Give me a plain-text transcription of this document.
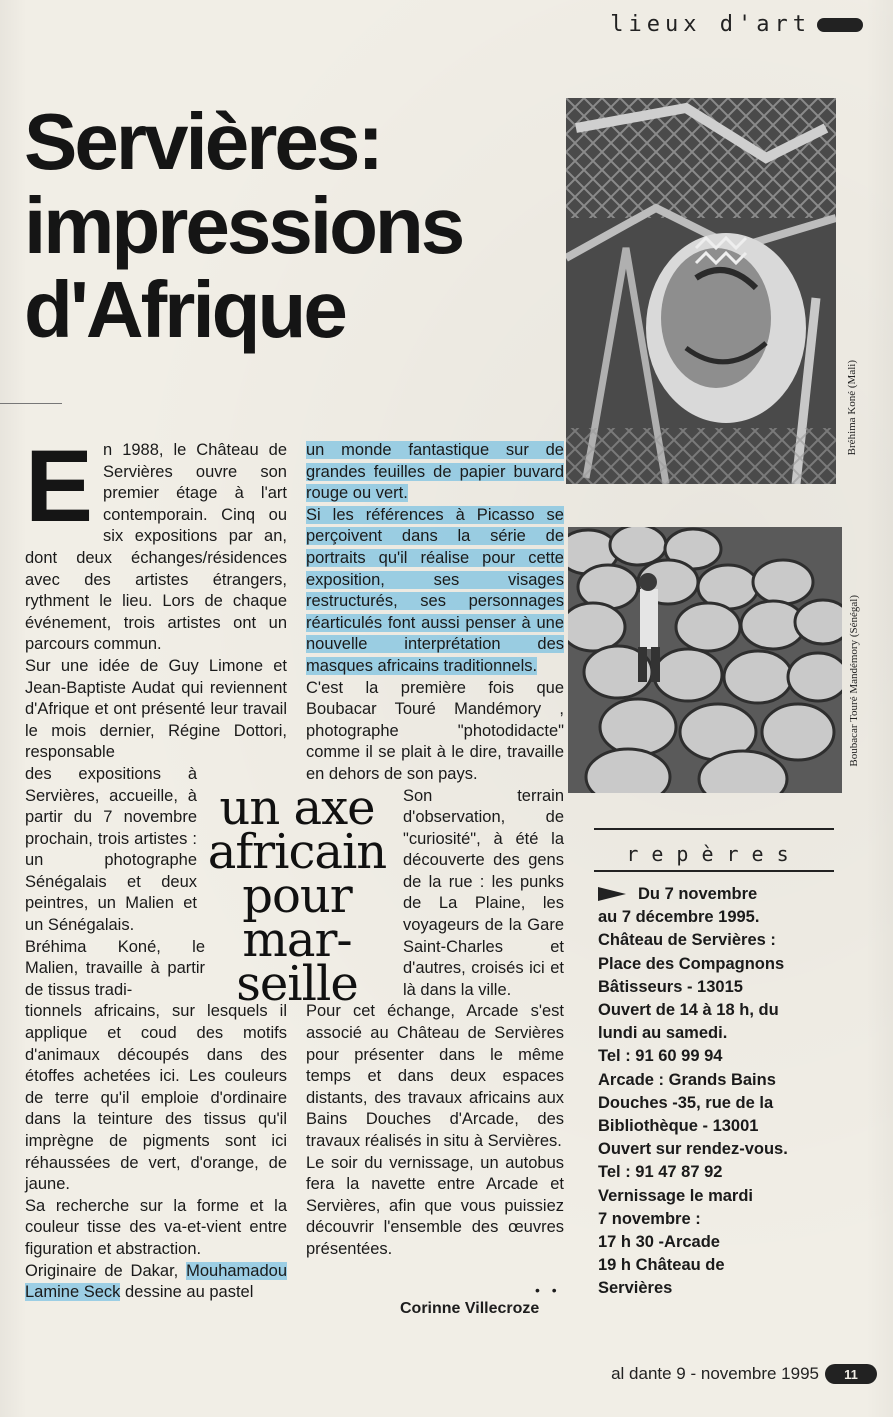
lieux d'art
Servières:
impressions
d'Afrique
Bréhima Koné (Mali)
Boubacar Touré Mandémory (Sénégal)
E n 1988, le Château de Servières ouvre son premier étage à l'art contemporain. Cinq ou six expositions par an, dont deux échanges/résidences avec des artistes étrangers, rythment le lieu. Lors de chaque événement, trois artistes ont un parcours commun.

Sur une idée de Guy Limone et Jean-Baptiste Audat qui reviennent d'Afrique et ont présenté leur travail le mois dernier, Régine Dottori, responsable

des expositions à Servières, accueille, à partir du 7 novembre prochain, trois artistes : un photographe Sénégalais et deux peintres, un Malien et un Sénégalais.

Bréhima Koné, le Malien, travaille à partir de tissus tradi-

tionnels africains, sur lesquels il applique et coud des motifs d'animaux découpés dans des étoffes achetées ici. Les couleurs de terre qu'il emploie d'ordinaire dans la teinture des tissus qu'il imprègne de pigments sont ici réhaussées de vert, d'orange, de jaune.

Sa recherche sur la forme et la couleur tisse des va-et-vient entre figuration et abstraction.

Originaire de Dakar, Mouhamadou Lamine Seck dessine au pastel

un monde fantastique sur de grandes feuilles de papier buvard rouge ou vert.

Si les références à Picasso se perçoivent dans la série de portraits qu'il réalise pour cette exposition, ses visages restructurés, ses personnages réarticulés font aussi penser à une nouvelle interprétation des masques africains traditionnels.

C'est la première fois que Boubacar Touré Mandémory , photographe "photodidacte" comme il se plait à le dire, travaille en dehors de son pays.

Son terrain d'observation, de "curiosité", à été la découverte des gens de la rue : les punks de La Plaine, les voyageurs de la Gare Saint-Charles et d'autres, croisés ici et là dans la ville.

Pour cet échange, Arcade s'est associé au Château de Servières pour présenter dans le même temps et dans deux espaces distants, des travaux africains aux Bains Douches d'Arcade, des travaux réalisés in situ à Servières.

Le soir du vernissage, un autobus fera la navette entre Arcade et Servières, afin que vous puissiez découvrir l'ensemble des œuvres présentées.

• •
Corinne Villecroze
un axe
africain
pour
mar-
seille
repères

Du 7 novembre

au 7 décembre 1995.

Château de Servières :

Place des Compagnons

Bâtisseurs - 13015

Ouvert de 14 à 18 h, du

lundi au samedi.

Tel : 91 60 99 94

Arcade : Grands Bains

Douches -35, rue de la

Bibliothèque - 13001

Ouvert sur rendez-vous.

Tel : 91 47 87 92

Vernissage le mardi

7 novembre :

17 h 30 -Arcade

19 h Château de

Servières

al dante 9 - novembre 1995	11
